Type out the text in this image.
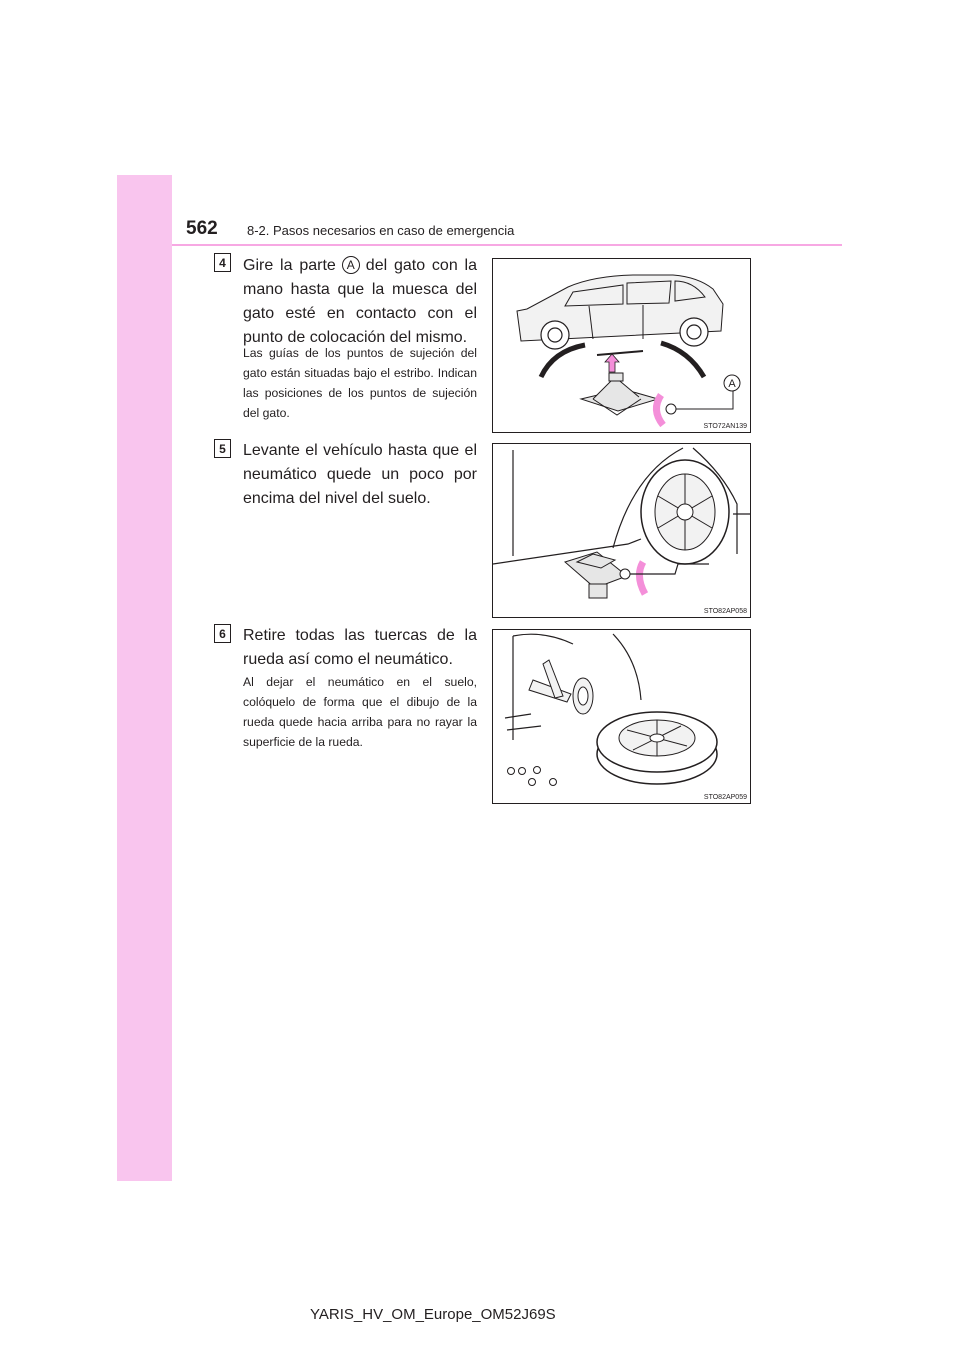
562 8-2. Pasos necesarios en caso de emergencia
4	Gire la parte A del gato con la mano hasta que la muesca del gato esté en contacto con el punto de colocación del mismo.

Las guías de los puntos de sujeción del gato están situadas bajo el estribo. Indican las posiciones de los puntos de sujeción del gato.

A
STO72AN139
5	Levante el vehículo hasta que el neumático quede un poco por encima del nivel del suelo.

STO82AP058
6	Retire todas las tuercas de la rueda así como el neumático.

Al dejar el neumático en el suelo, colóquelo de forma que el dibujo de la rueda quede hacia arriba para no rayar la superficie de la rueda.

STO82AP059
YARIS_HV_OM_Europe_OM52J69S
